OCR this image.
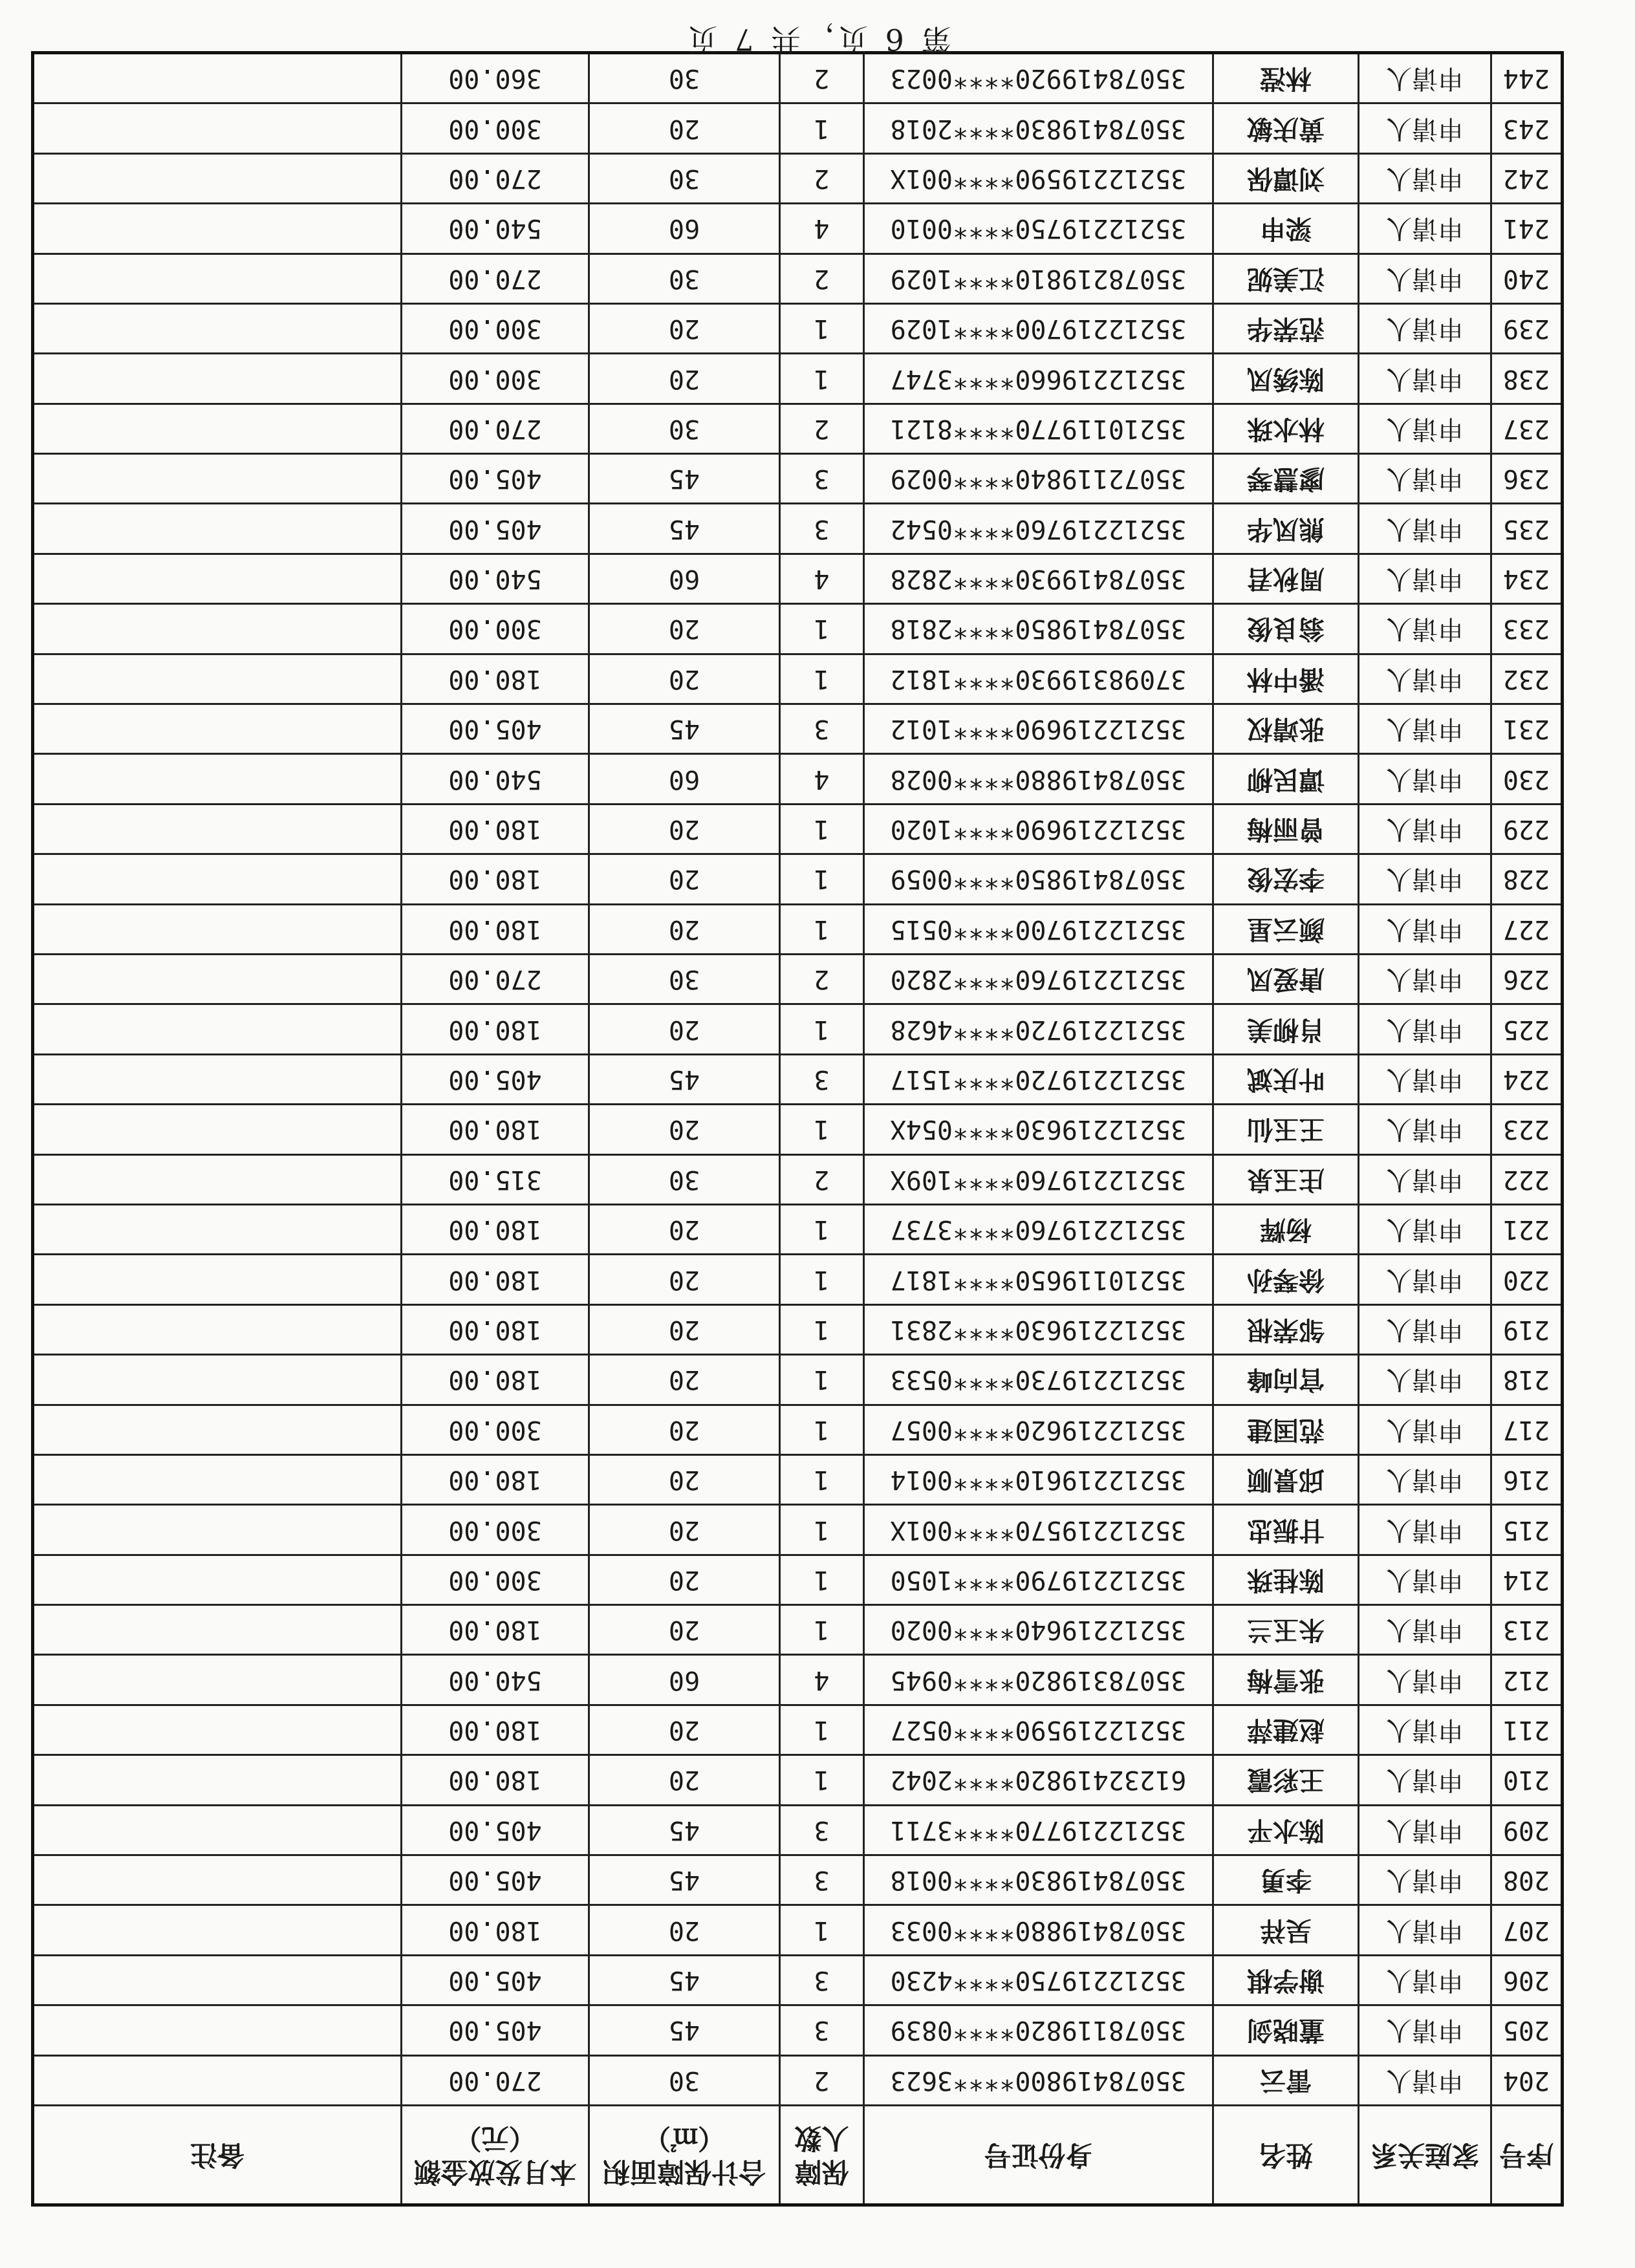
序号	家庭关系	姓名	身份证号	保障人数	合计保障面积（㎡）	本月发放金额（元）	备注
204	申请人	雷云	35078419800****3623	2	30	270.00	
205	申请人	董晓剑	35078119820****0839	3	45	405.00	
206	申请人	谢学棋	35212219750****4230	3	45	405.00	
207	申请人	吴祥	35078419880****0033	1	20	180.00	
208	申请人	李勇	35078419830****0018	3	45	405.00	
209	申请人	陈水平	35212219770****3711	3	45	405.00	
210	申请人	王彩霞	61232419820****2042	1	20	180.00	
211	申请人	赵建萍	35212219590****0527	1	20	180.00	
212	申请人	张雪梅	35078319820****0945	4	60	540.00	
213	申请人	朱玉兰	35212219640****0020	1	20	180.00	
214	申请人	陈桂珠	35212219790****1050	1	20	300.00	
215	申请人	甘振忠	35212219570****001X	1	20	300.00	
216	申请人	邱景顺	35212219610****0014	1	20	180.00	
217	申请人	范国建	35212219620****0057	1	20	300.00	
218	申请人	官向峰	35212219730****0533	1	20	180.00	
219	申请人	邹荣根	35212219630****2831	1	20	180.00	
220	申请人	徐琴孙	35210119650****1817	1	20	180.00	
221	申请人	杨辉	35212219760****3737	1	20	180.00	
222	申请人	庄玉泉	35212219760****109X	2	30	315.00	
223	申请人	王玉仙	35212219630****054X	1	20	180.00	
224	申请人	叶庆斌	35212219720****1517	3	45	405.00	
225	申请人	肖柳美	35212219720****4628	1	20	180.00	
226	申请人	唐爱凤	35212219760****2820	2	30	270.00	
227	申请人	颜云星	35212219700****0515	1	20	180.00	
228	申请人	李宏俊	35078419850****0059	1	20	180.00	
229	申请人	曾丽梅	35212219690****1020	1	20	180.00	
230	申请人	谭民柳	35078419880****0028	4	60	540.00	
231	申请人	张靖权	35212219690****1012	3	45	405.00	
232	申请人	潘中林	37098319930****1812	1	20	180.00	
233	申请人	翁良俊	35078419850****2818	1	20	300.00	
234	申请人	周秋君	35078419930****2828	4	60	540.00	
235	申请人	熊凤华	35212219760****0542	3	45	405.00	
236	申请人	廖慧琴	35072119840****0029	3	45	405.00	
237	申请人	林水珠	35210119770****8121	2	30	270.00	
238	申请人	陈绣凤	35212219660****3747	1	20	300.00	
239	申请人	范荣华	35212219700****1029	1	20	300.00	
240	申请人	江美妮	35078219810****1029	2	30	270.00	
241	申请人	梁申	35212219750****0010	4	60	540.00	
242	申请人	刘谭保	35212219590****001X	2	30	270.00	
243	申请人	黄庆敏	35078419830****2018	1	20	300.00	
244	申请人	林滢	35078419920****0023	2	30	360.00	
第 6 页，共 7 页
